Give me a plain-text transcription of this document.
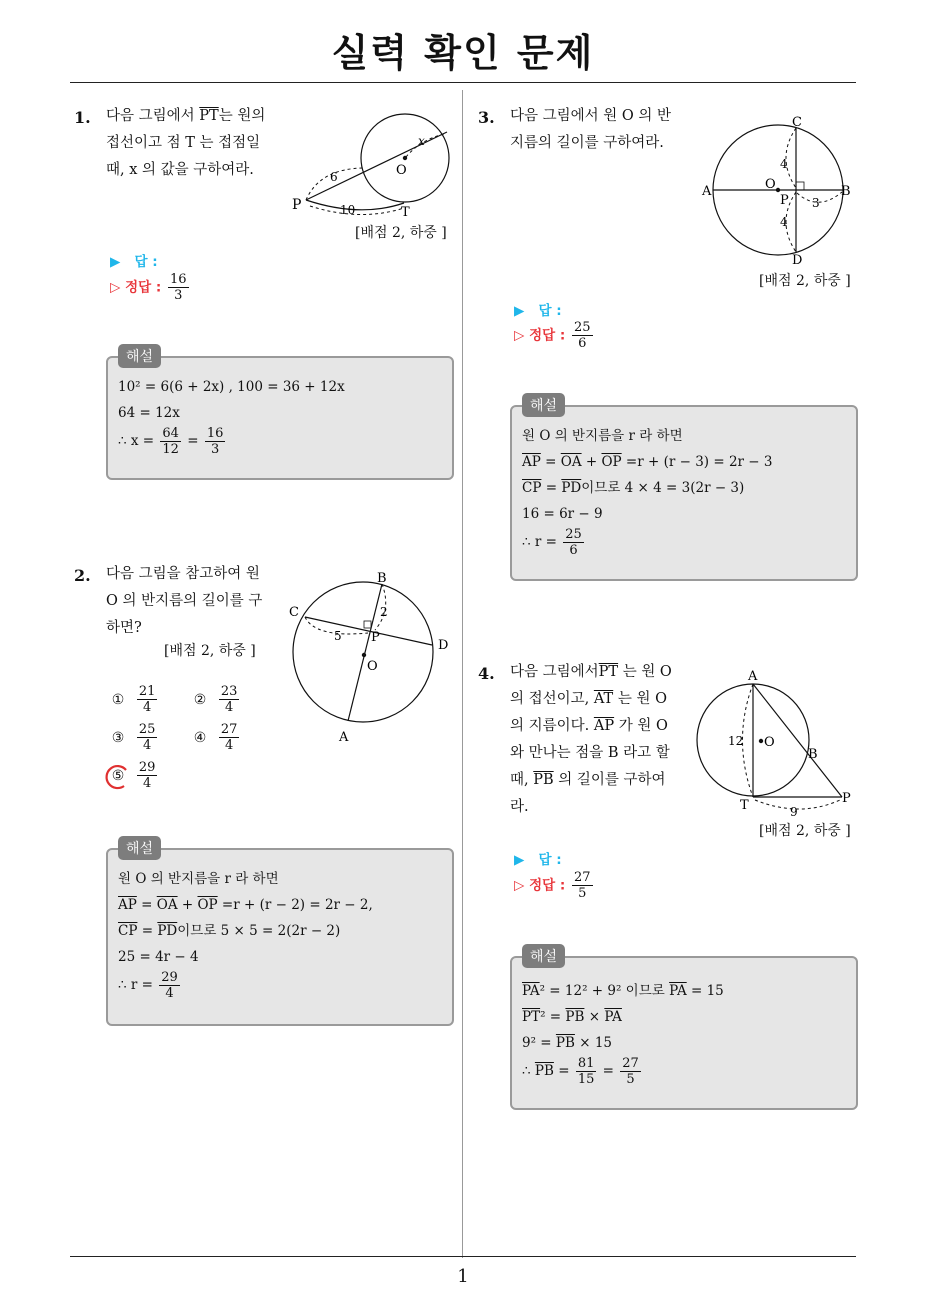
실력 확인 문제
1
1. 다음 그림에서 $\overline{PT}$는 원의
접선이고 점 T 는 접점일
때, x 의 값을 구하여라.
P	T
O
x
6
10
[배점 2, 하중 ]
▶ 답 :
▷ 정답 : $\frac{16}{3}$
해설
10² = 6(6 + 2x) , 100 = 36 + 12x
64 = 12x
∴ $x = \frac{64}{12} = \frac{16}{3}$
2. 다음 그림을 참고하여 원
O 의 반지름의 길이를 구
하면?
[배점 2, 하중 ]
B
C
D
P
O
A
2
5
① $\frac{21}{4}$	② $\frac{23}{4}$
③ $\frac{25}{4}$	④ $\frac{27}{4}$
⑤ $\frac{29}{4}$
해설
원 O 의 반지름을 r 라 하면
$\overline{AP} = \overline{OA} + \overline{OP} =r + (r - 2) = 2r - 2$,
$\overline{CP} = \overline{PD}$이므로 5 × 5 = 2(2r − 2)
25 = 4r − 4
∴ $r = \frac{29}{4}$
3. 다음 그림에서 원 O 의 반
지름의 길이를 구하여라.
C
A	B
D
O
P
4
4
3
[배점 2, 하중 ]
▶ 답 :
▷ 정답 : $\frac{25}{6}$
해설
원 O 의 반지름을 r 라 하면
$\overline{AP} = \overline{OA} + \overline{OP} =r + (r - 3) = 2r - 3$
$\overline{CP} = \overline{PD}$이므로 4 × 4 = 3(2r − 3)
16 = 6r − 9
∴ $r = \frac{25}{6}$
4. 다음 그림에서$\overline{PT}$ 는 원 O
의 접선이고, $\overline{AT}$ 는 원 O
의 지름이다. $\overline{AP}$ 가 원 O
와 만나는 점을 B 라고 할
때, $\overline{PB}$ 의 길이를 구하여
라.
A
B
T	P
O
12
9
[배점 2, 하중 ]
▶ 답 :
▷ 정답 : $\frac{27}{5}$
해설
$\overline{PA}^2 = 12^2 + 9^2$ 이므로 $\overline{PA} = 15$
$\overline{PT}^2 = \overline{PB} \times \overline{PA}$
$9^2 = \overline{PB} \times 15$
∴ $\overline{PB} = \frac{81}{15} = \frac{27}{5}$
